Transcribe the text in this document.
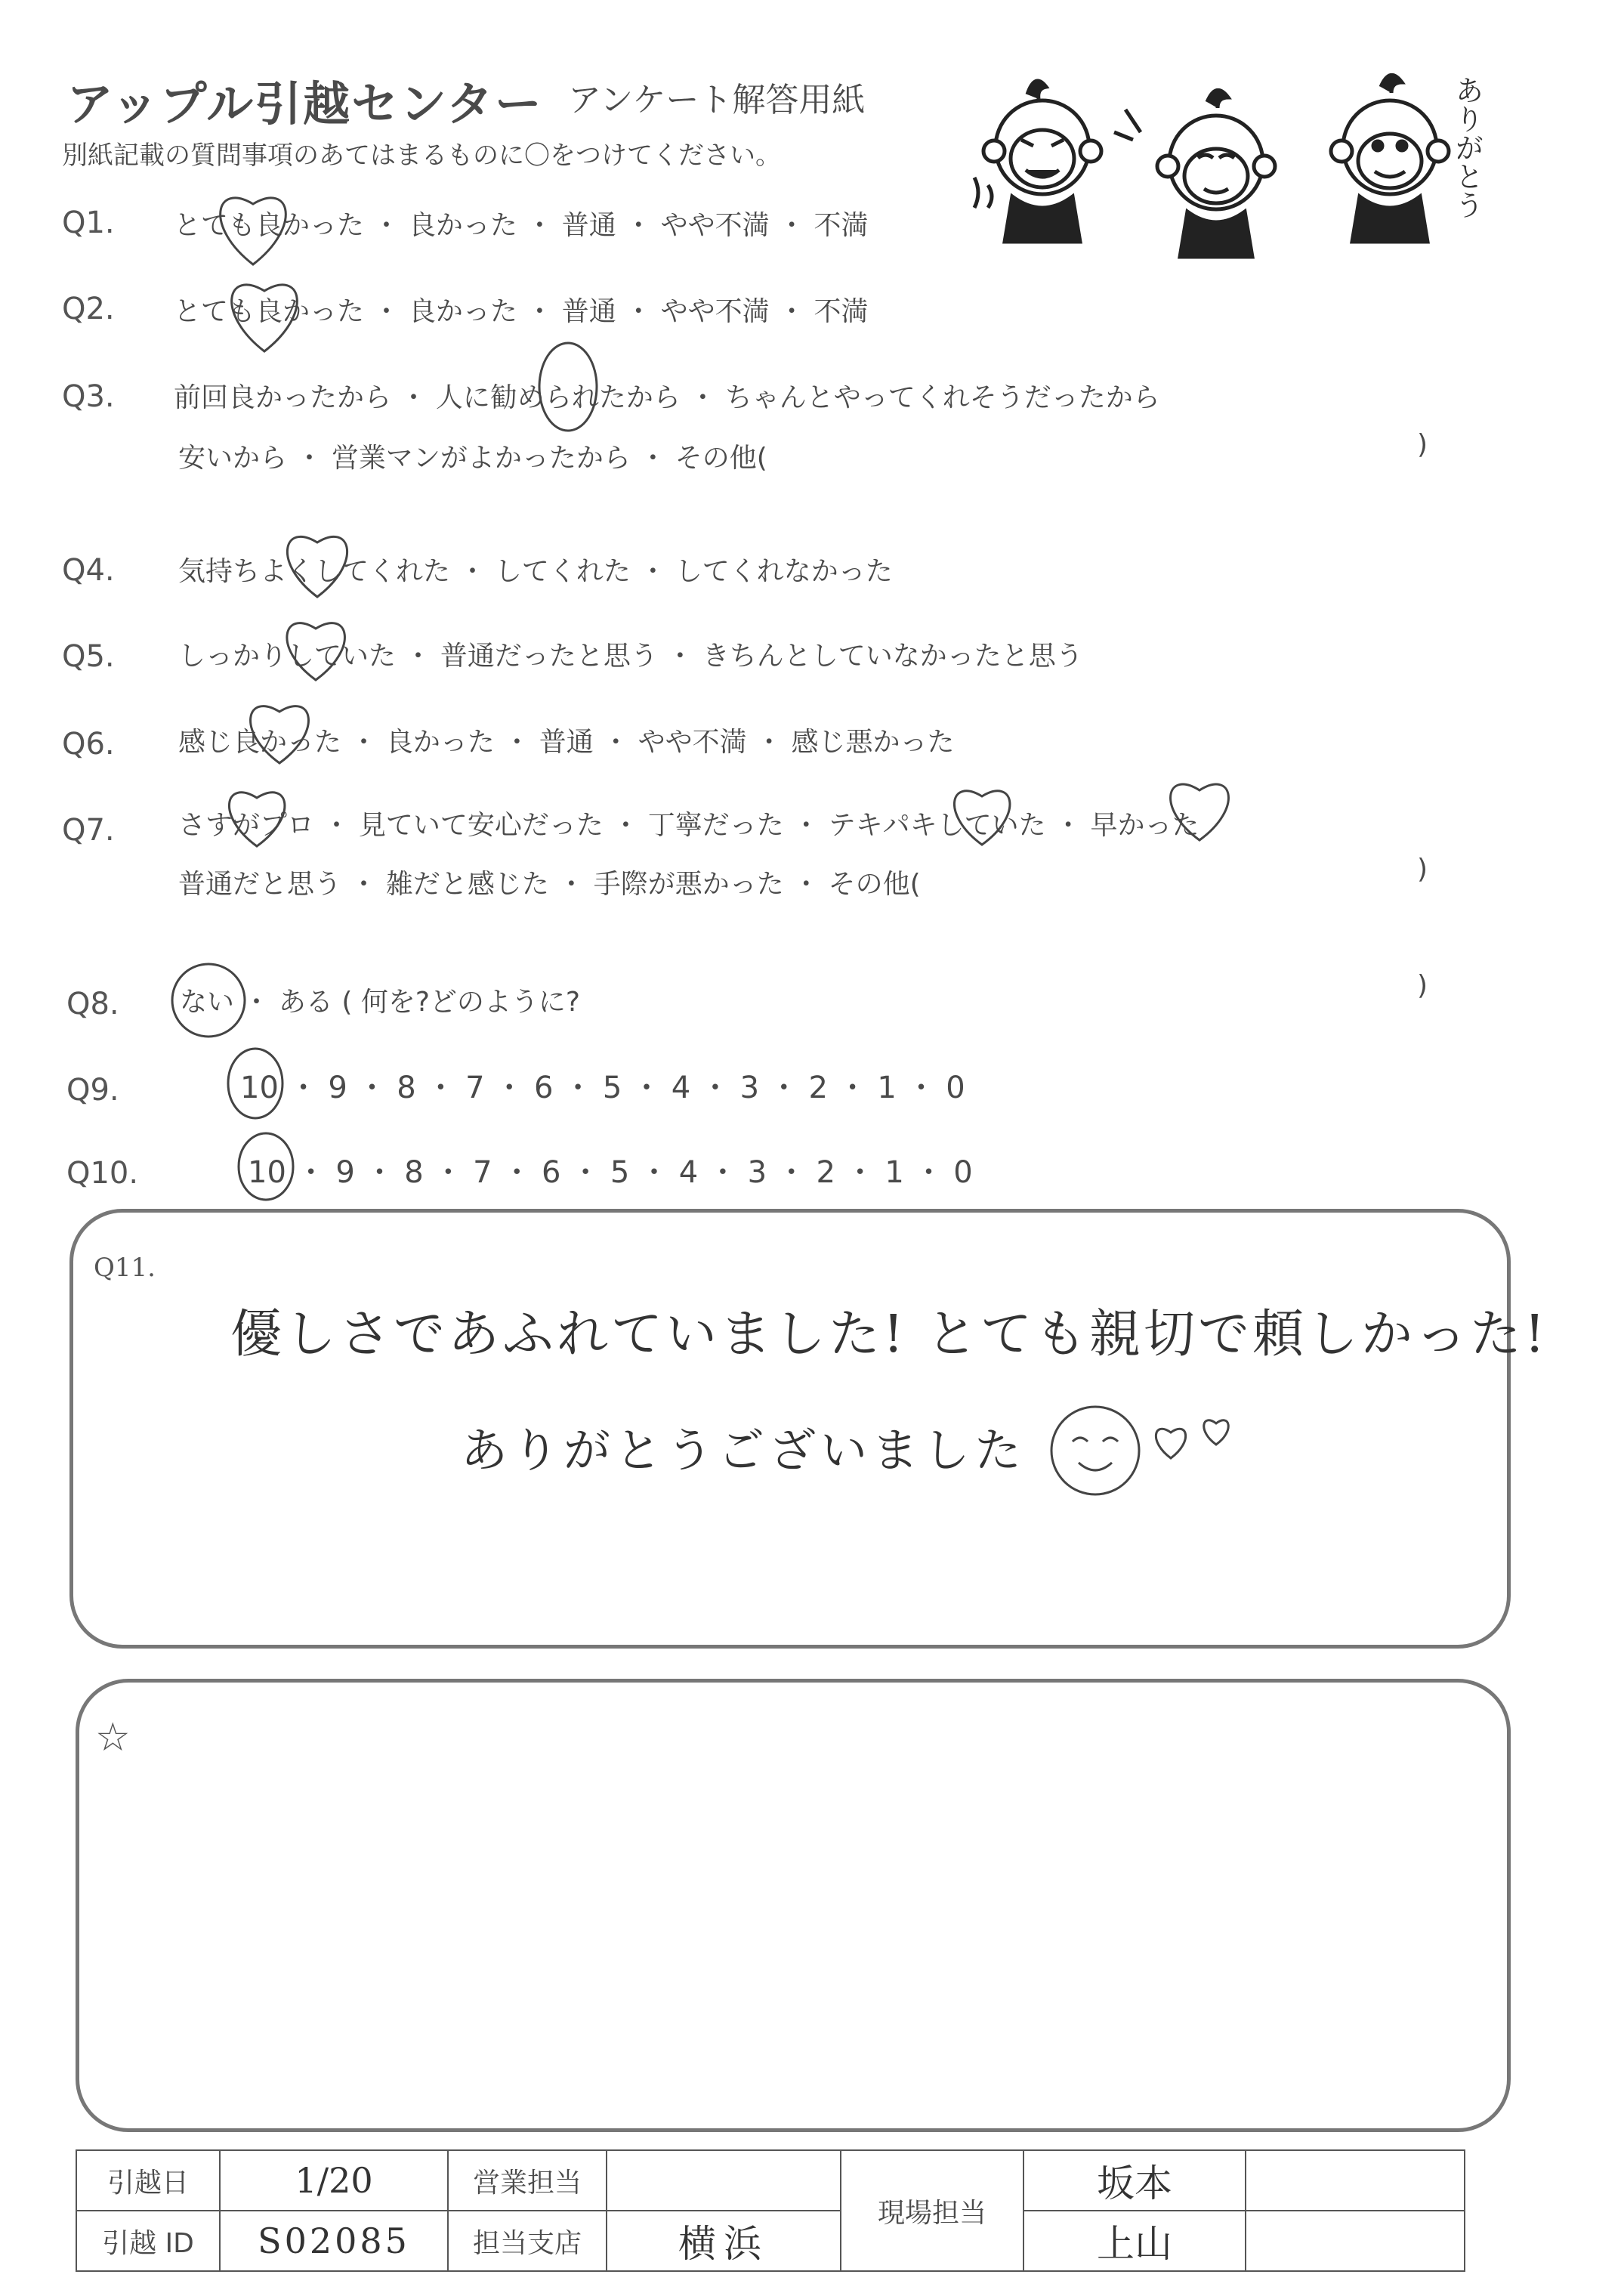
アップル引越センター アンケート解答用紙
別紙記載の質問事項のあてはまるものに〇をつけてください。	ありがとう
Q1. とても良かった ・ 良かった ・ 普通 ・ やや不満 ・ 不満
Q2. とても良かった ・ 良かった ・ 普通 ・ やや不満 ・ 不満
Q3. 前回良かったから ・ 人に勧められたから ・ ちゃんとやってくれそうだったから
安いから ・ 営業マンがよかったから ・ その他(	)
Q4. 気持ちよくしてくれた ・ してくれた ・ してくれなかった
Q5. しっかりしていた ・ 普通だったと思う ・ きちんとしていなかったと思う
Q6. 感じ良かった ・ 良かった ・ 普通 ・ やや不満 ・ 感じ悪かった
Q7. さすがプロ ・ 見ていて安心だった ・ 丁寧だった ・ テキパキしていた ・ 早かった
普通だと思う ・ 雑だと感じた ・ 手際が悪かった ・ その他(	)
Q8. ない ・ ある ( 何を?どのように?
)
Q9.	10 ・ 9 ・ 8 ・ 7 ・ 6 ・ 5 ・ 4 ・ 3 ・ 2 ・ 1 ・ 0
Q10.	10 ・ 9 ・ 8 ・ 7 ・ 6 ・ 5 ・ 4 ・ 3 ・ 2 ・ 1 ・ 0
Q11.
優しさであふれていました! とても親切で頼しかった!
ありがとうございました
☆
引越日	1/20	営業担当		現場担当	坂本	
引越 ID	S02085	担当支店	横浜		上山	
